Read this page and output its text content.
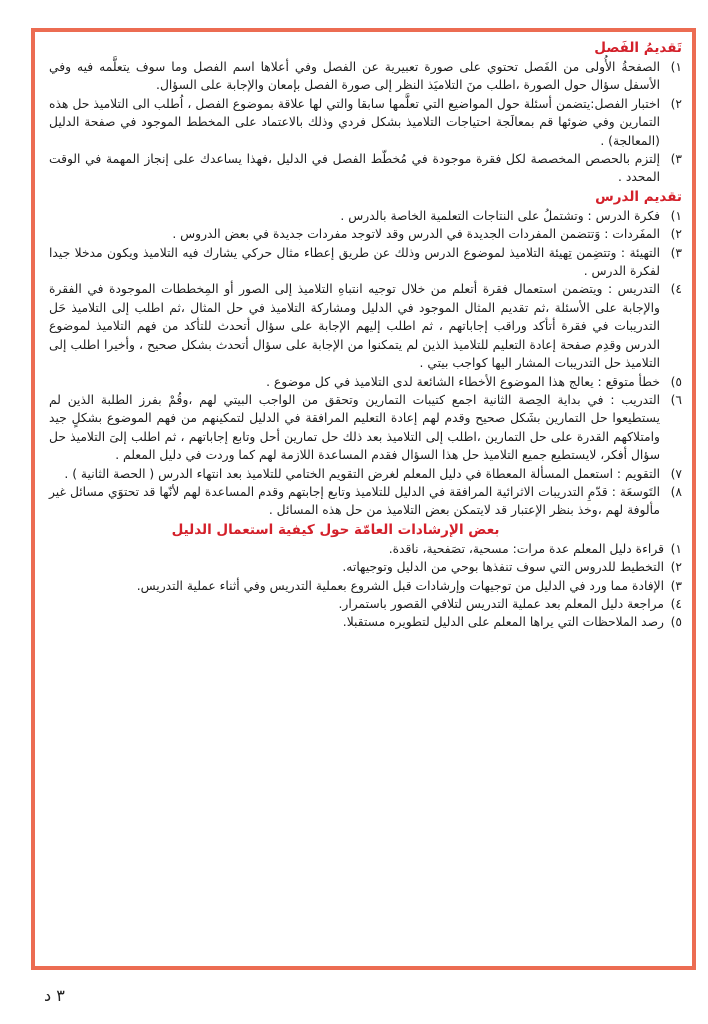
تَقديمُ الفَصل
١)
الصفحةُ الأُولى من الفَصل تحتوي على صورة تعبيرية عن الفصل وفي أعلاها اسم الفصل وما سوف يتعلَّمه فيه وفي الأسفل سؤال حول الصورة ،اطلب منَ التلاميَذ النظر إلى صورة الفصل بإمعان والإجابة على السؤال.
٢)
اختبار الفصل:يتضمن أسئلة حول المواضيع التي تعلَّمها سابقا والتي لها علاقة بموضوع الفصل ، اُطلب الى التلاميذ حل هذه التمارين وفي ضوئها قم بمعالَجة احتياجات التلاميذ بشكل فردي وذلك بالاعتماد على المخطط الموجود في صفحة الدليل (المعالجة) .
٣)
إلتزم بالحصص المخصصة لكل فقرة موجودة في مُخطّط الفصل في الدليل ،فهذا يساعدك على إنجاز المهمة في الوقت المحدد .
تقديم الدرس
١)
فكرة الدرس : وتشتملُ على النتاجات التعلمية الخاصة بالدرس .
٢)
المفَردات : وَتتضمن المفردات الجديدة في الدرس وقد لاتوجد مفردات جديدة في بعض الدروس .
٣)
التهيئة : وتتضِمن تِهيئة التلاميذ لموضوع الدرس وذلك عن طريق إعطاء مثال حركي يشارك فيه التلاميذ ويكون مدخلا جيدا لفكرة الدرس .
٤)
التدريس : ويتضمن استعمال فقرة أتعلم من خلال توجيه انتباهِ التلاميذ إلى الصور أو المِخططات الموجودة في الفقرة والإجابة على الأسئلة ،ثم تقديم المثال الموجود في الدليل ومشاركة التلاميذ في حل المثال ،ثم اطلب إلى التلاميذ حَل التدريبات في فقرة أتأكد وراقب إجاباتهم ، ثم اطلب إليهم الإجابة على سؤال أتحدث للتأكد من فهم التلاميذ لموضوع الدرس وقدِم صفحة إعادة التعليم للتلاميذ الذين لم يتمكنوا من الإجابة على سؤال أتحدث بشكل صحيح ، وأخيرا اطلب إلى التلاميذ حل التدريبات المشار اليها كواجب بيتي .
٥)
خطأ متوقع : يعالج هذا الموضوع الأخطاء الشائعة لدى التلاميذ في كل موضوع .
٦)
التدريب : في بداية الحِصة الثانية اجمع كتيبات التمارين وتحقق من الواجب البيتي لهم ،وقُمْ بفرز الطلبة الذين لم يستطيعوا حل التمارين بشَكل صحيح وقدم لهم إعادة التعليم المرافقة في الدليل لتمكينهم من فهم الموضوع بشكلٍ جيد وامتلاكهم القدرة على حل التمارين ،اطلب إلى التلاميذ بعد ذلك حل تمارين أحل وتابع إجاباتهم ، ثم اطلب إلىَ التلاميذ حل سؤال أفكر، لايستطيع جميع التلاميذ حل هذا السؤال فقدم المساعدة اللازمة لهم كما وردت في دليل المعلم .
٧)
التقويم : استعمل المسألة المعطاة في دليل المعلم لغرض التقويم الختامي للتلاميذ بعد انتهاء الدرس ( الحصة الثانية ) .
٨)
التَوسعَة : قدّمِ التدريبات الاثرائية المرافقة في الدليل للتلاميذ وتابع إجابتهم وقدم المساعدة لهم لأنّها قد تحتوَي مسائل غير مألوفة لهم ،وخذ بنظر الإعتبار قد لايتمكن بعض التلاميذ من حل هذه المسائل .
بعض الإرشادات العامّة حول كيفية استعمال الدليل
١)
قراءة دليل المعلم عدة مرات: مسحية، تصَفحية، ناقدة.
٢)
التخطيط للدروس التي سوف تنفذها بوحي من الدليل وتوجيهاته.
٣)
الإفادة مما ورد في الدليل من توجيهات وإرشادات قبل الشروع بعملية التدريس وفي أثناء عملية التدريس.
٤)
مراجعة دليل المعلم بعد عملية التدريس لتلافي القصور باستمرار.
٥)
رصد الملاحظات التي يراها المعلم على الدليل لتطويره مستقبلا.
٣ د
